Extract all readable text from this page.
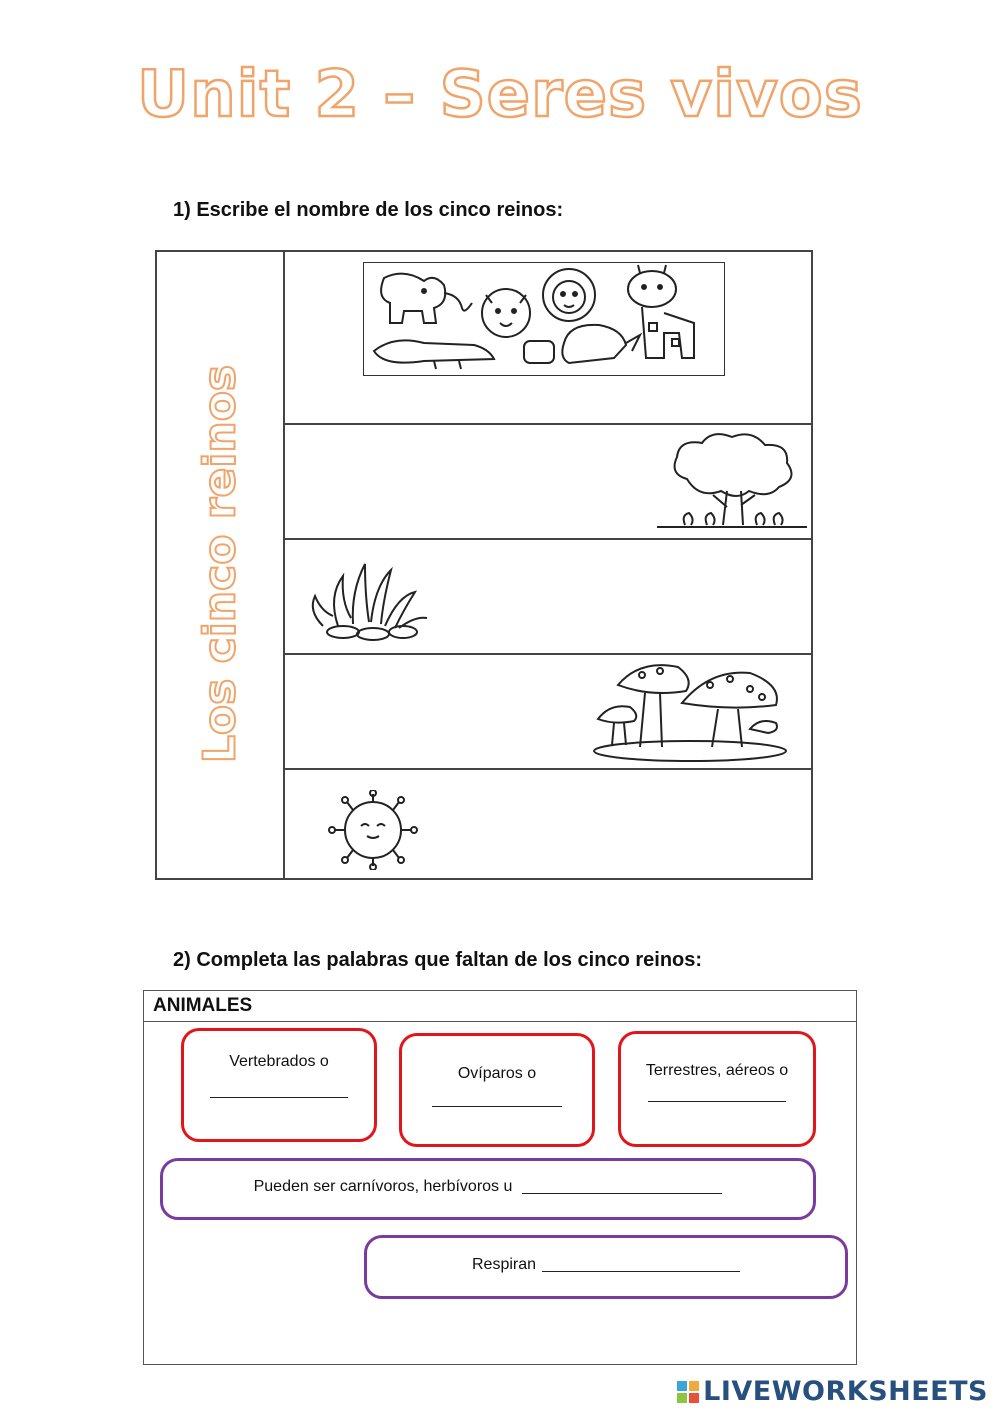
Unit 2 – Seres vivos
1) Escribe el nombre de los cinco reinos:
Los cinco reinos
2) Completa las palabras que faltan de los cinco reinos:
ANIMALES
Vertebrados o
Ovíparos o	Terrestres, aéreos o
Pueden ser carnívoros, herbívoros u
Respiran
LIVEWORKSHEETS
